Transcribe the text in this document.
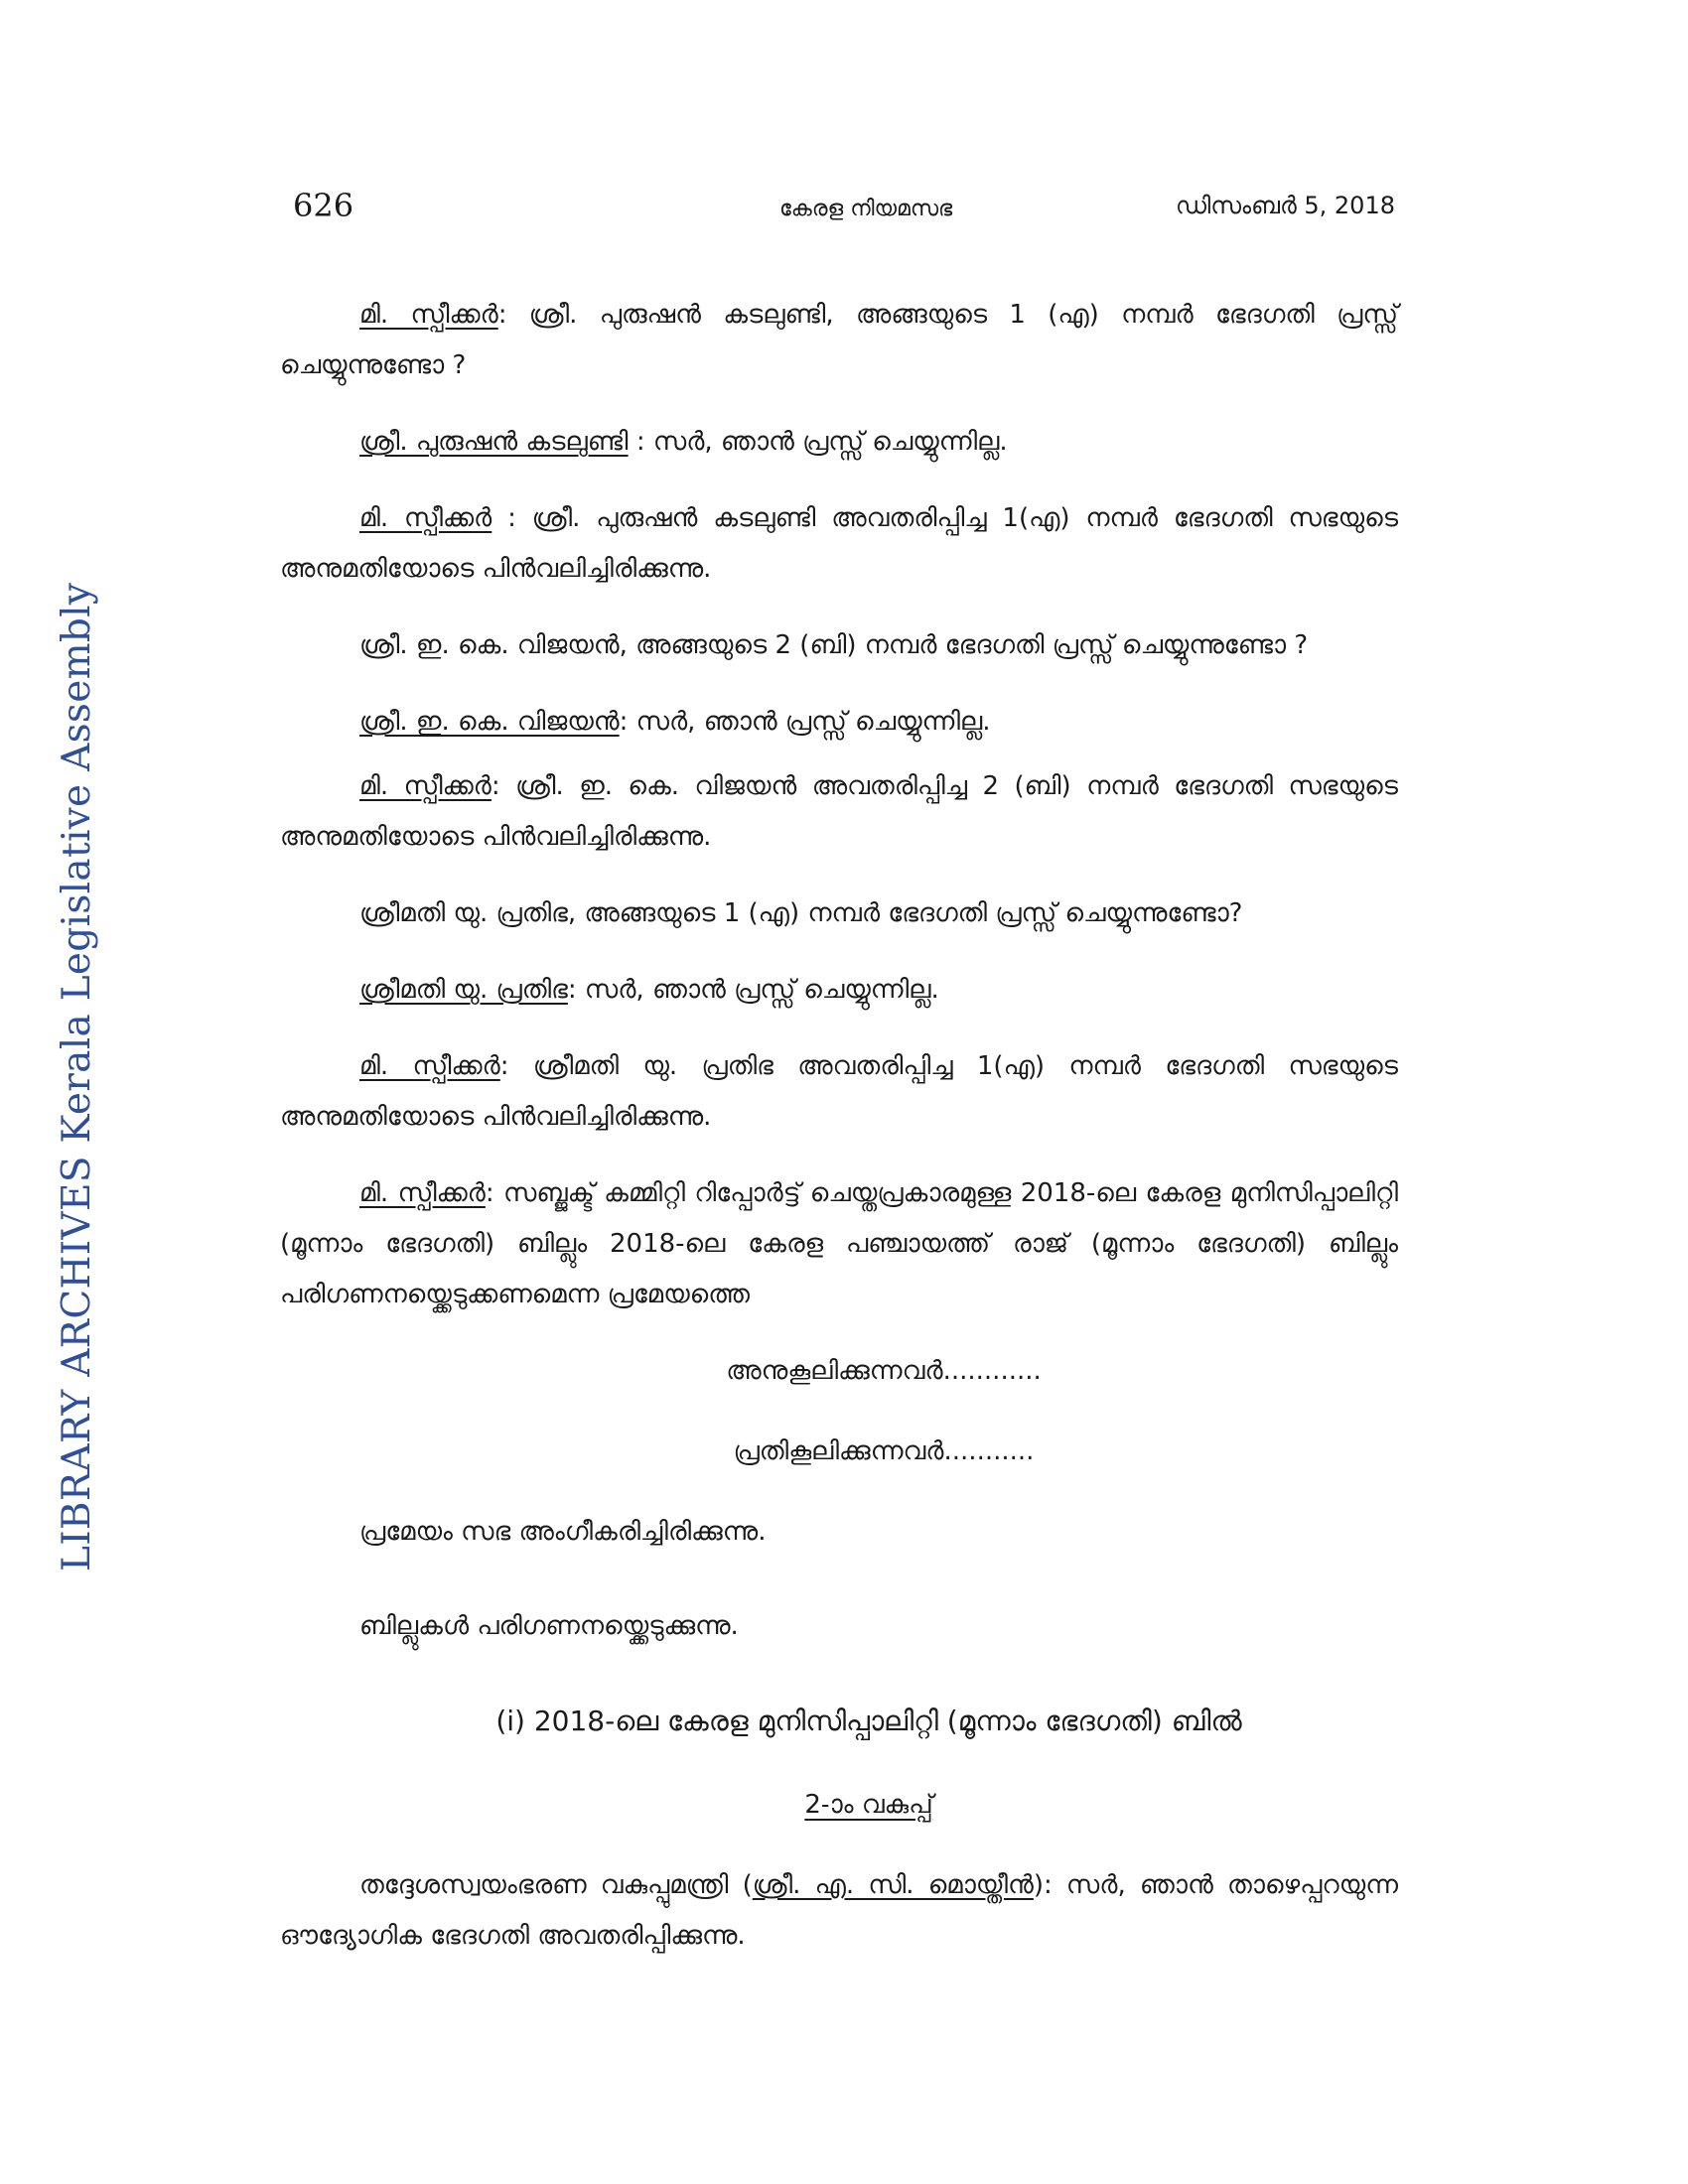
626	കേരള നിയമസഭ	ഡിസംബർ 5, 2018
LIBRARY ARCHIVES Kerala Legislative Assembly

മി. സ്പീക്കർ: ശ്രീ. പുരുഷൻ കടലുണ്ടി, അങ്ങയുടെ 1 (എ) നമ്പർ ഭേദഗതി പ്രസ്സ് ചെയ്യുന്നുണ്ടോ ?

ശ്രീ. പുരുഷൻ കടലുണ്ടി : സർ, ഞാൻ പ്രസ്സ് ചെയ്യുന്നില്ല.

മി. സ്പീക്കർ : ശ്രീ. പുരുഷൻ കടലുണ്ടി അവതരിപ്പിച്ച 1(എ) നമ്പർ ഭേദഗതി സഭയുടെ അനുമതിയോടെ പിൻവലിച്ചിരിക്കുന്നു.

ശ്രീ. ഇ. കെ. വിജയൻ, അങ്ങയുടെ 2 (ബി) നമ്പർ ഭേദഗതി പ്രസ്സ് ചെയ്യുന്നുണ്ടോ ?

ശ്രീ. ഇ. കെ. വിജയൻ: സർ, ഞാൻ പ്രസ്സ് ചെയ്യുന്നില്ല.

മി. സ്പീക്കർ: ശ്രീ. ഇ. കെ. വിജയൻ അവതരിപ്പിച്ച 2 (ബി) നമ്പർ ഭേദഗതി സഭയുടെ അനുമതിയോടെ പിൻവലിച്ചിരിക്കുന്നു.

ശ്രീമതി യു. പ്രതിഭ, അങ്ങയുടെ 1 (എ) നമ്പർ ഭേദഗതി പ്രസ്സ് ചെയ്യുന്നുണ്ടോ?

ശ്രീമതി യു. പ്രതിഭ: സർ, ഞാൻ പ്രസ്സ് ചെയ്യുന്നില്ല.

മി. സ്പീക്കർ: ശ്രീമതി യു. പ്രതിഭ അവതരിപ്പിച്ച 1(എ) നമ്പർ ഭേദഗതി സഭയുടെ അനുമതിയോടെ പിൻവലിച്ചിരിക്കുന്നു.

മി. സ്പീക്കർ: സബ്ജക്ട് കമ്മിറ്റി റിപ്പോർട്ട് ചെയ്തപ്രകാരമുള്ള 2018-ലെ കേരള മുനിസിപ്പാലിറ്റി (മൂന്നാം ഭേദഗതി) ബില്ലും 2018-ലെ കേരള പഞ്ചായത്ത് രാജ് (മൂന്നാം ഭേദഗതി) ബില്ലും പരിഗണനയ്ക്കെടുക്കണമെന്ന പ്രമേയത്തെ

അനുകൂലിക്കുന്നവർ............

പ്രതികൂലിക്കുന്നവർ...........

പ്രമേയം സഭ അംഗീകരിച്ചിരിക്കുന്നു.

ബില്ലുകൾ പരിഗണനയ്ക്കെടുക്കുന്നു.

(i) 2018-ലെ കേരള മുനിസിപ്പാലിറ്റി (മൂന്നാം ഭേദഗതി) ബിൽ

2-ാം വകുപ്പ്

തദ്ദേശസ്വയംഭരണ വകുപ്പുമന്ത്രി (ശ്രീ. എ. സി. മൊയ്തീൻ): സർ, ഞാൻ താഴെപ്പറയുന്ന ഔദ്യോഗിക ഭേദഗതി അവതരിപ്പിക്കുന്നു.
